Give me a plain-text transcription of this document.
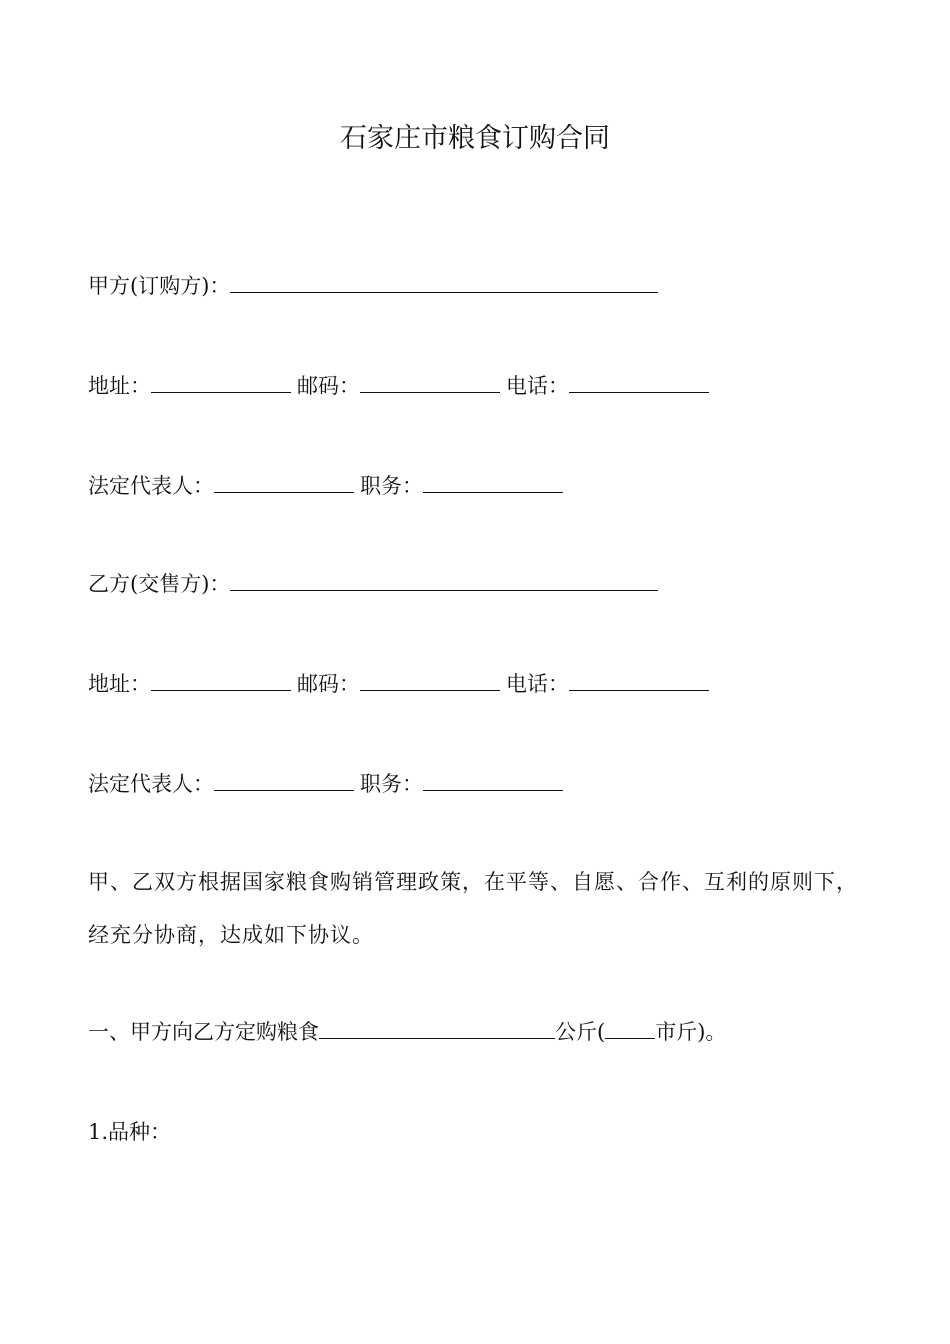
石家庄市粮食订购合同
甲方(订购方)：
地址：	邮码：	电话：
法定代表人：	职务：
乙方(交售方)：
地址：	邮码：	电话：
法定代表人：	职务：
甲、乙双方根据国家粮食购销管理政策，在平等、自愿、合作、互利的原则下，经充分协商，达成如下协议。
一、甲方向乙方定购粮食	公斤( 市斤)。
1.品种：
